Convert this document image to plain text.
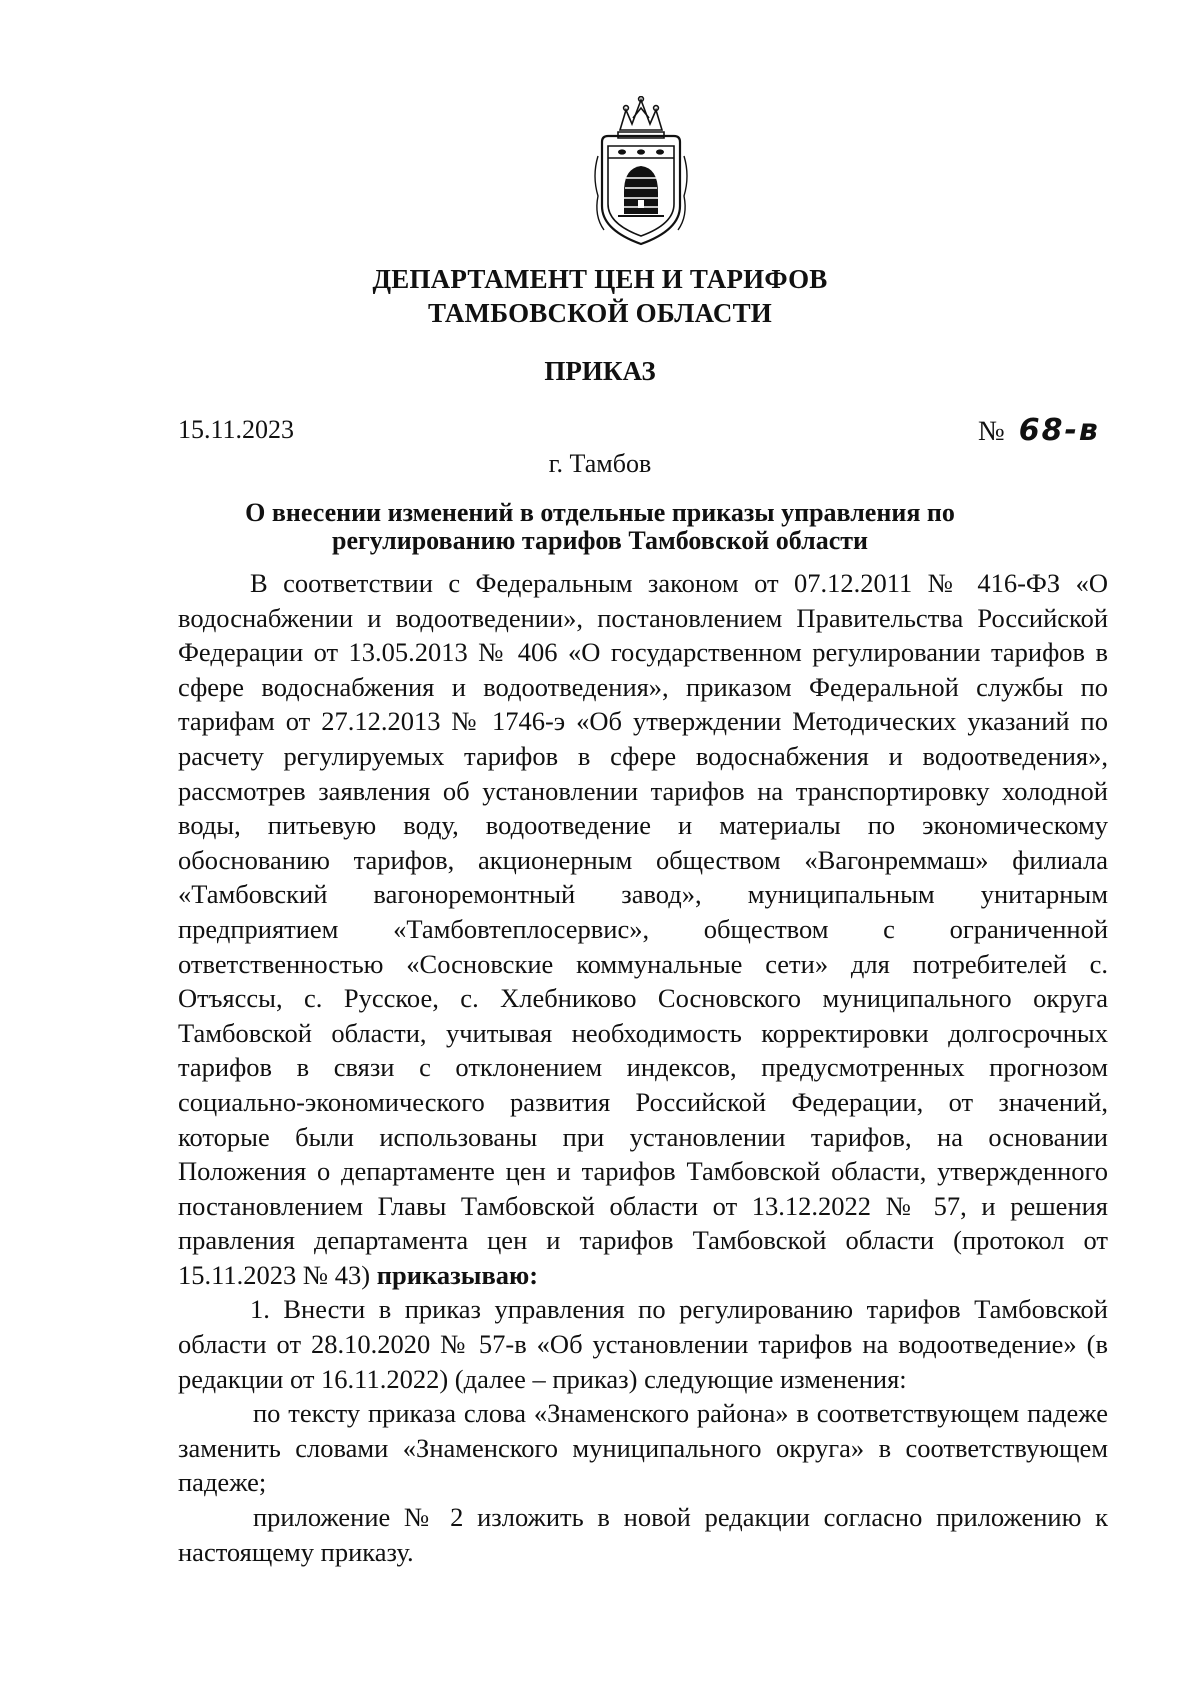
ДЕПАРТАМЕНТ ЦЕН И ТАРИФОВ
ТАМБОВСКОЙ ОБЛАСТИ
ПРИКАЗ
15.11.2023	№ 68-в
г. Тамбов
О внесении изменений в отдельные приказы управления по
регулированию тарифов Тамбовской области

В соответствии с Федеральным законом от 07.12.2011 № 416-ФЗ «О водоснабжении и водоотведении», постановлением Правительства Российской Федерации от 13.05.2013 № 406 «О государственном регулировании тарифов в сфере водоснабжения и водоотведения», приказом Федеральной службы по тарифам от 27.12.2013 № 1746-э «Об утверждении Методических указаний по расчету регулируемых тарифов в сфере водоснабжения и водоотведения», рассмотрев заявления об установлении тарифов на транспортировку холодной воды, питьевую воду, водоотведение и материалы по экономическому обоснованию тарифов, акционерным обществом «Вагонреммаш» филиала «Тамбовский вагоноремонтный завод», муниципальным унитарным предприятием «Тамбовтеплосервис», обществом с ограниченной ответственностью «Сосновские коммунальные сети» для потребителей с. Отъяссы, с. Русское, с. Хлебниково Сосновского муниципального округа Тамбовской области, учитывая необходимость корректировки долгосрочных тарифов в связи с отклонением индексов, предусмотренных прогнозом социально-экономического развития Российской Федерации, от значений, которые были использованы при установлении тарифов, на основании Положения о департаменте цен и тарифов Тамбовской области, утвержденного постановлением Главы Тамбовской области от 13.12.2022 № 57, и решения правления департамента цен и тарифов Тамбовской области (протокол от 15.11.2023 № 43) приказываю:

1. Внести в приказ управления по регулированию тарифов Тамбовской области от 28.10.2020 № 57-в «Об установлении тарифов на водоотведение» (в редакции от 16.11.2022) (далее – приказ) следующие изменения:

по тексту приказа слова «Знаменского района» в соответствующем падеже заменить словами «Знаменского муниципального округа» в соответствующем падеже;

приложение № 2 изложить в новой редакции согласно приложению к настоящему приказу.
